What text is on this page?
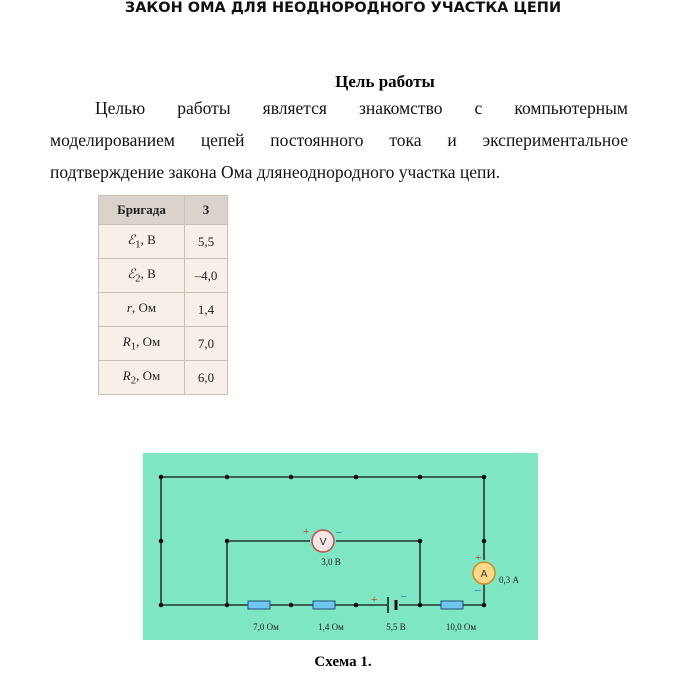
ЗАКОН ОМА ДЛЯ НЕОДНОРОДНОГО УЧАСТКА ЦЕПИ
Цель работы
Целью работы является знакомство с компьютерным
моделированием цепей постоянного тока и экспериментальное
подтверждение закона Ома длянеоднородного участка цепи.
Бригада	3
ℰ$_1$, В	5,5
ℰ$_2$, В	–4,0
r, Ом	1,4
$R_1$, Ом	7,0
$R_2$, Ом	6,0
+ –
V
+ –
3,0 В
A
+
–
0,3 А
7,0 Ом	1,4 Ом	5,5 В	10,0 Ом
Схема 1.
